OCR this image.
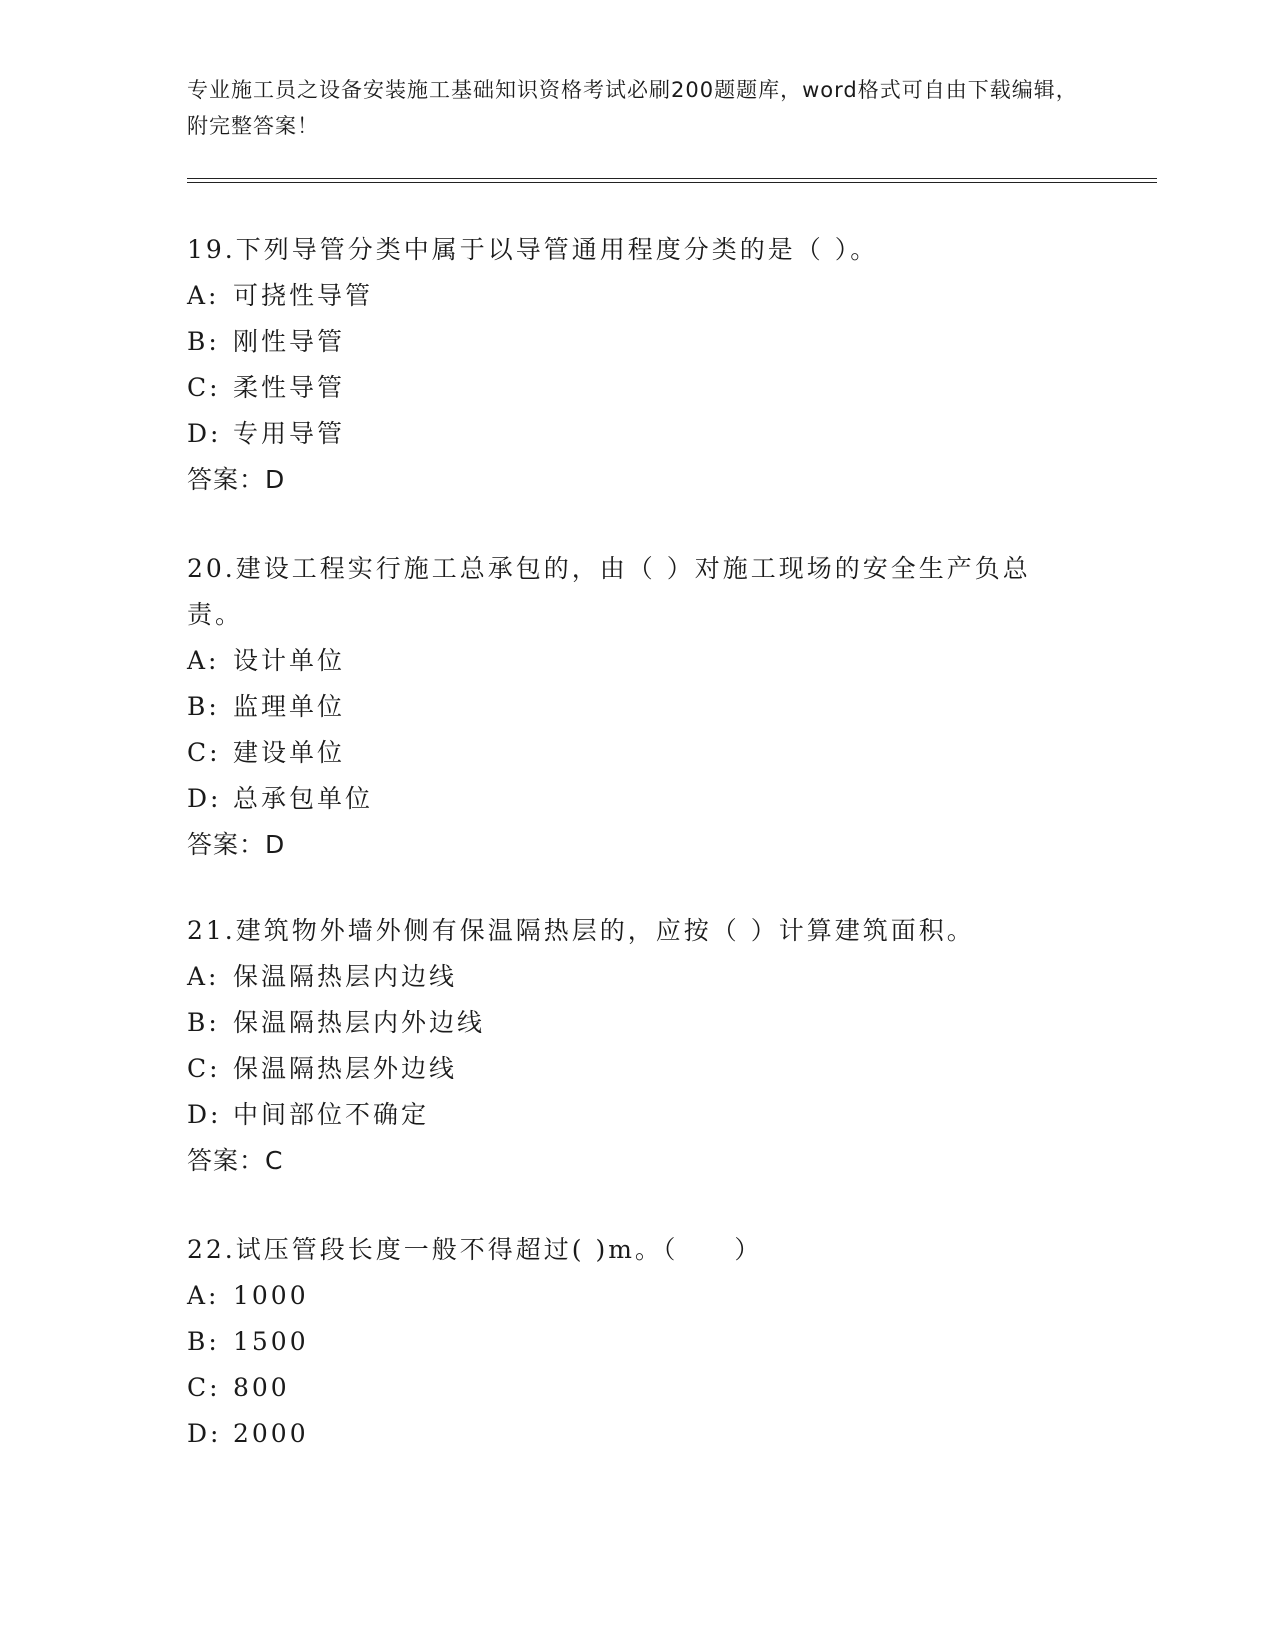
专业施工员之设备安装施工基础知识资格考试必刷200题题库，word格式可自由下载编辑，附完整答案！
19.下列导管分类中属于以导管通用程度分类的是（ ）。
A: 可挠性导管
B: 刚性导管
C: 柔性导管
D: 专用导管
答案：D
20.建设工程实行施工总承包的，由（ ）对施工现场的安全生产负总责。
A: 设计单位
B: 监理单位
C: 建设单位
D: 总承包单位
答案：D
21.建筑物外墙外侧有保温隔热层的，应按（ ）计算建筑面积。
A: 保温隔热层内边线
B: 保温隔热层内外边线
C: 保温隔热层外边线
D: 中间部位不确定
答案：C
22.试压管段长度一般不得超过( )m。（　　）
A: 1000
B: 1500
C: 800
D: 2000
